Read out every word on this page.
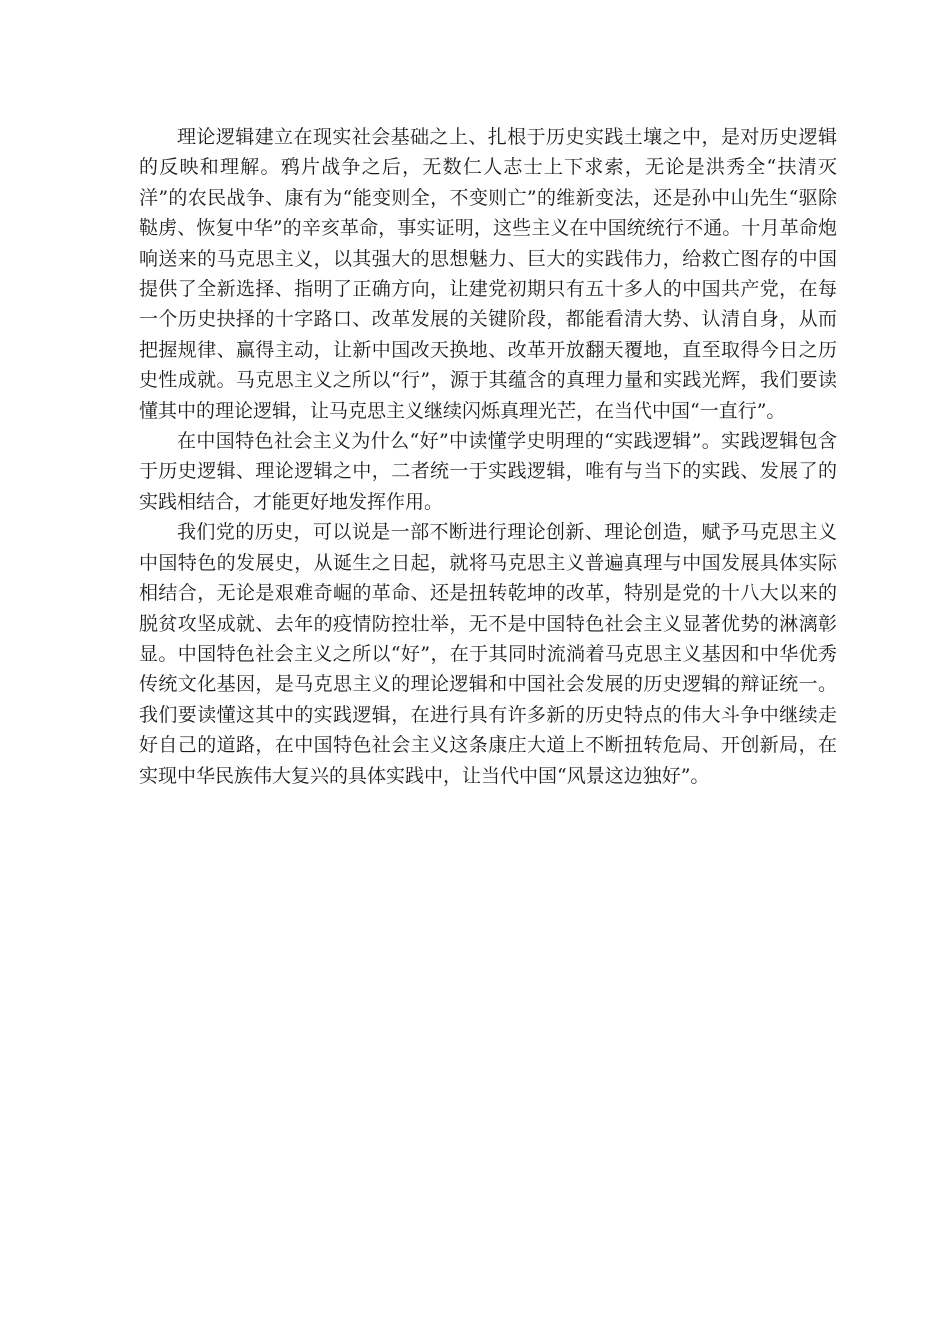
理论逻辑建立在现实社会基础之上、扎根于历史实践土壤之中，是对历史逻辑的反映和理解。鸦片战争之后，无数仁人志士上下求索，无论是洪秀全“扶清灭洋”的农民战争、康有为“能变则全，不变则亡”的维新变法，还是孙中山先生“驱除鞑虏、恢复中华”的辛亥革命，事实证明，这些主义在中国统统行不通。十月革命炮响送来的马克思主义，以其强大的思想魅力、巨大的实践伟力，给救亡图存的中国提供了全新选择、指明了正确方向，让建党初期只有五十多人的中国共产党，在每一个历史抉择的十字路口、改革发展的关键阶段，都能看清大势、认清自身，从而把握规律、赢得主动，让新中国改天换地、改革开放翻天覆地，直至取得今日之历史性成就。马克思主义之所以“行”，源于其蕴含的真理力量和实践光辉，我们要读懂其中的理论逻辑，让马克思主义继续闪烁真理光芒，在当代中国“一直行”。

在中国特色社会主义为什么“好”中读懂学史明理的“实践逻辑”。实践逻辑包含于历史逻辑、理论逻辑之中，二者统一于实践逻辑，唯有与当下的实践、发展了的实践相结合，才能更好地发挥作用。

我们党的历史，可以说是一部不断进行理论创新、理论创造，赋予马克思主义中国特色的发展史，从诞生之日起，就将马克思主义普遍真理与中国发展具体实际相结合，无论是艰难奇崛的革命、还是扭转乾坤的改革，特别是党的十八大以来的脱贫攻坚成就、去年的疫情防控壮举，无不是中国特色社会主义显著优势的淋漓彰显。中国特色社会主义之所以“好”，在于其同时流淌着马克思主义基因和中华优秀传统文化基因，是马克思主义的理论逻辑和中国社会发展的历史逻辑的辩证统一。我们要读懂这其中的实践逻辑，在进行具有许多新的历史特点的伟大斗争中继续走好自己的道路，在中国特色社会主义这条康庄大道上不断扭转危局、开创新局，在实现中华民族伟大复兴的具体实践中，让当代中国“风景这边独好”。
